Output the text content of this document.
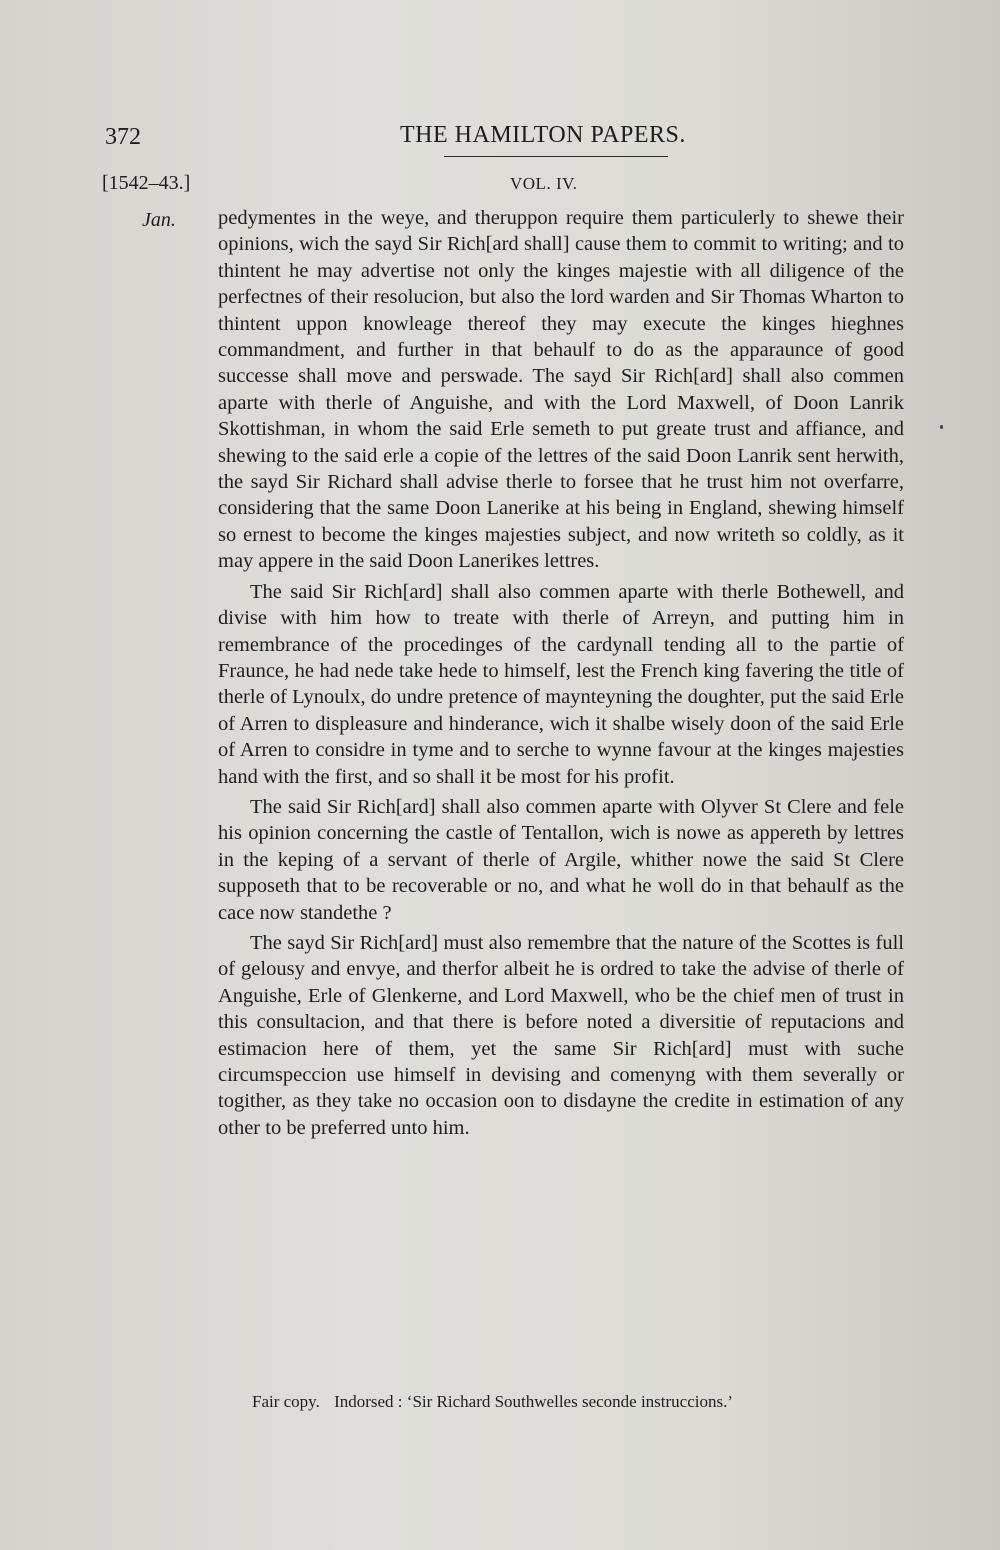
372	THE HAMILTON PAPERS.
[1542–43.]	VOL. IV.
Jan. pedymentes in the weye, and theruppon require them particulerly to shewe their opinions, wich the sayd Sir Rich[ard shall] cause them to commit to writing; and to thintent he may advertise not only the kinges majestie with all diligence of the perfectnes of their resolucion, but also the lord warden and Sir Thomas Wharton to thintent uppon knowleage thereof they may execute the kinges hieghnes commandment, and further in that behaulf to do as the apparaunce of good successe shall move and perswade. The sayd Sir Rich[ard] shall also commen aparte with therle of Anguishe, and with the Lord Maxwell, of Doon Lanrik Skottishman, in whom the said Erle semeth to put greate trust and affiance, and shewing to the said erle a copie of the lettres of the said Doon Lanrik sent herwith, the sayd Sir Richard shall advise therle to forsee that he trust him not overfarre, considering that the same Doon Lanerike at his being in England, shewing himself so ernest to become the kinges majesties subject, and now writeth so coldly, as it may appere in the said Doon Lanerikes lettres.

The said Sir Rich[ard] shall also commen aparte with therle Bothewell, and divise with him how to treate with therle of Arreyn, and putting him in remembrance of the procedinges of the cardynall tending all to the partie of Fraunce, he had nede take hede to himself, lest the French king favering the title of therle of Lynoulx, do undre pretence of maynteyning the doughter, put the said Erle of Arren to displeasure and hinderance, wich it shalbe wisely doon of the said Erle of Arren to considre in tyme and to serche to wynne favour at the kinges majesties hand with the first, and so shall it be most for his profit.

The said Sir Rich[ard] shall also commen aparte with Olyver St Clere and fele his opinion concerning the castle of Tentallon, wich is nowe as appereth by lettres in the keping of a servant of therle of Argile, whither nowe the said St Clere supposeth that to be recoverable or no, and what he woll do in that behaulf as the cace now standethe ?

The sayd Sir Rich[ard] must also remembre that the nature of the Scottes is full of gelousy and envye, and therfor albeit he is ordred to take the advise of therle of Anguishe, Erle of Glenkerne, and Lord Maxwell, who be the chief men of trust in this consultacion, and that there is before noted a diversitie of reputacions and estimacion here of them, yet the same Sir Rich[ard] must with suche circumspeccion use himself in devising and comenyng with them severally or togither, as they take no occasion oon to disdayne the credite in estimation of any other to be preferred unto him.

Fair copy. Indorsed : ‘Sir Richard Southwelles seconde instruccions.’
